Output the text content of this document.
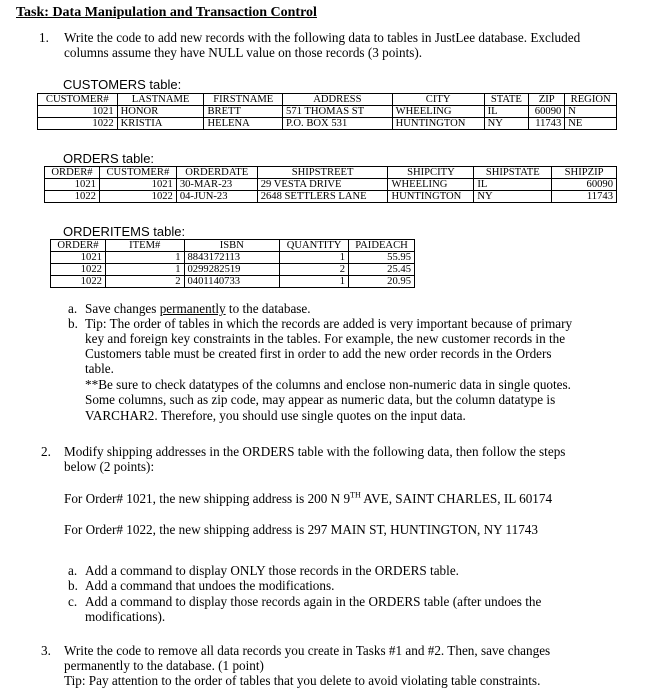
Task: Data Manipulation and Transaction Control
1.	Write the code to add new records with the following data to tables in JustLee database. Excluded
columns assume they have NULL value on those records (3 points).
CUSTOMERS table:
CUSTOMER#	LASTNAME	FIRSTNAME	ADDRESS	CITY	STATE	ZIP	REGION
1021	HONOR	BRETT	571 THOMAS ST	WHEELING	IL	60090	N
1022	KRISTIA	HELENA	P.O. BOX 531	HUNTINGTON	NY	11743	NE
ORDERS table:
ORDER#	CUSTOMER#	ORDERDATE	SHIPSTREET	SHIPCITY	SHIPSTATE	SHIPZIP
1021	1021	30-MAR-23	29 VESTA DRIVE	WHEELING	IL	60090
1022	1022	04-JUN-23	2648 SETTLERS LANE	HUNTINGTON	NY	11743
ORDERITEMS table:
ORDER#	ITEM#	ISBN	QUANTITY	PAIDEACH
1021	1	8843172113	1	55.95
1022	1	0299282519	2	25.45
1022	2	0401140733	1	20.95
a. Save changes permanently to the database.
b. Tip: The order of tables in which the records are added is very important because of primary
key and foreign key constraints in the tables. For example, the new customer records in the
Customers table must be created first in order to add the new order records in the Orders
table.
**Be sure to check datatypes of the columns and enclose non-numeric data in single quotes.
Some columns, such as zip code, may appear as numeric data, but the column datatype is
VARCHAR2. Therefore, you should use single quotes on the input data.
2. Modify shipping addresses in the ORDERS table with the following data, then follow the steps
below (2 points):
For Order# 1021, the new shipping address is 200 N 9TH AVE, SAINT CHARLES, IL 60174
For Order# 1022, the new shipping address is 297 MAIN ST, HUNTINGTON, NY 11743
a. Add a command to display ONLY those records in the ORDERS table.
b. Add a command that undoes the modifications.
c. Add a command to display those records again in the ORDERS table (after undoes the
modifications).
3. Write the code to remove all data records you create in Tasks #1 and #2. Then, save changes
permanently to the database. (1 point)
Tip: Pay attention to the order of tables that you delete to avoid violating table constraints.
